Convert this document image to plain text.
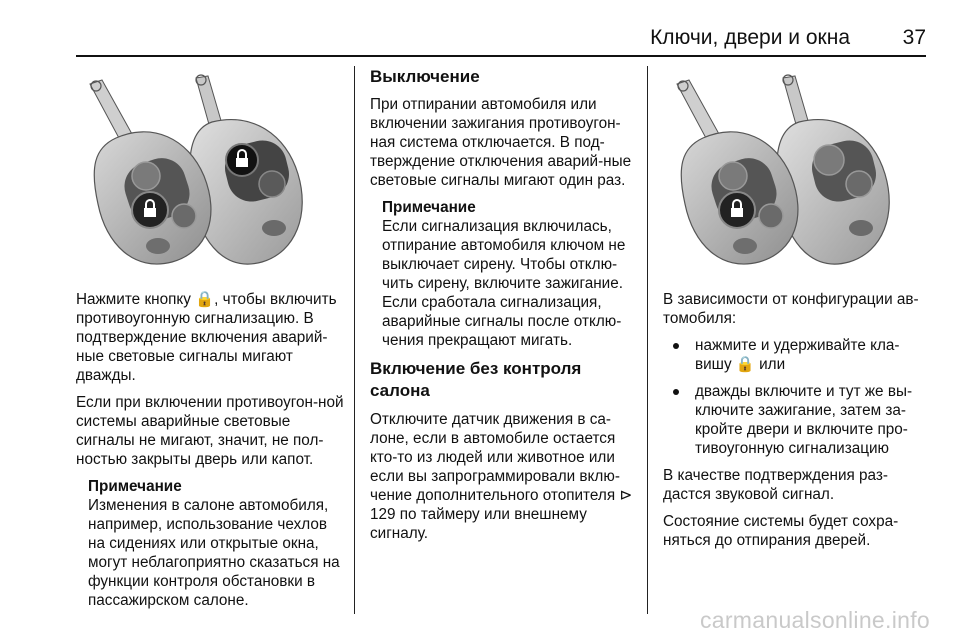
Ключи, двери и окна	37

Нажмите кнопку 🔒, чтобы включить противоугонную сигнализацию. В подтверждение включения аварий-ные световые сигналы мигают дважды.

Если при включении противоугон-ной системы аварийные световые сигналы не мигают, значит, не пол-ностью закрыты дверь или капот.

Примечание
Изменения в салоне автомобиля, например, использование чехлов на сидениях или открытые окна, могут неблагоприятно сказаться на функции контроля обстановки в пассажирском салоне.
Выключение

При отпирании автомобиля или включении зажигания противоугон-ная система отключается. В под-тверждение отключения аварий-ные световые сигналы мигают один раз.

Примечание
Если сигнализация включилась, отпирание автомобиля ключом не выключает сирену. Чтобы отклю-чить сирену, включите зажигание. Если сработала сигнализация, аварийные сигналы после отклю-чения прекращают мигать.
Включение без контроля салона

Отключите датчик движения в са-лоне, если в автомобиле остается кто-то из людей или животное или если вы запрограммировали вклю-чение дополнительного отопителя ⊳ 129 по таймеру или внешнему сигналу.

В зависимости от конфигурации ав-томобиля:

нажмите и удерживайте кла-вишу 🔒 или
дважды включите и тут же вы-ключите зажигание, затем за-кройте двери и включите про-тивоугонную сигнализацию

В качестве подтверждения раз-дастся звуковой сигнал.

Состояние системы будет сохра-няться до отпирания дверей.

carmanualsonline.info
